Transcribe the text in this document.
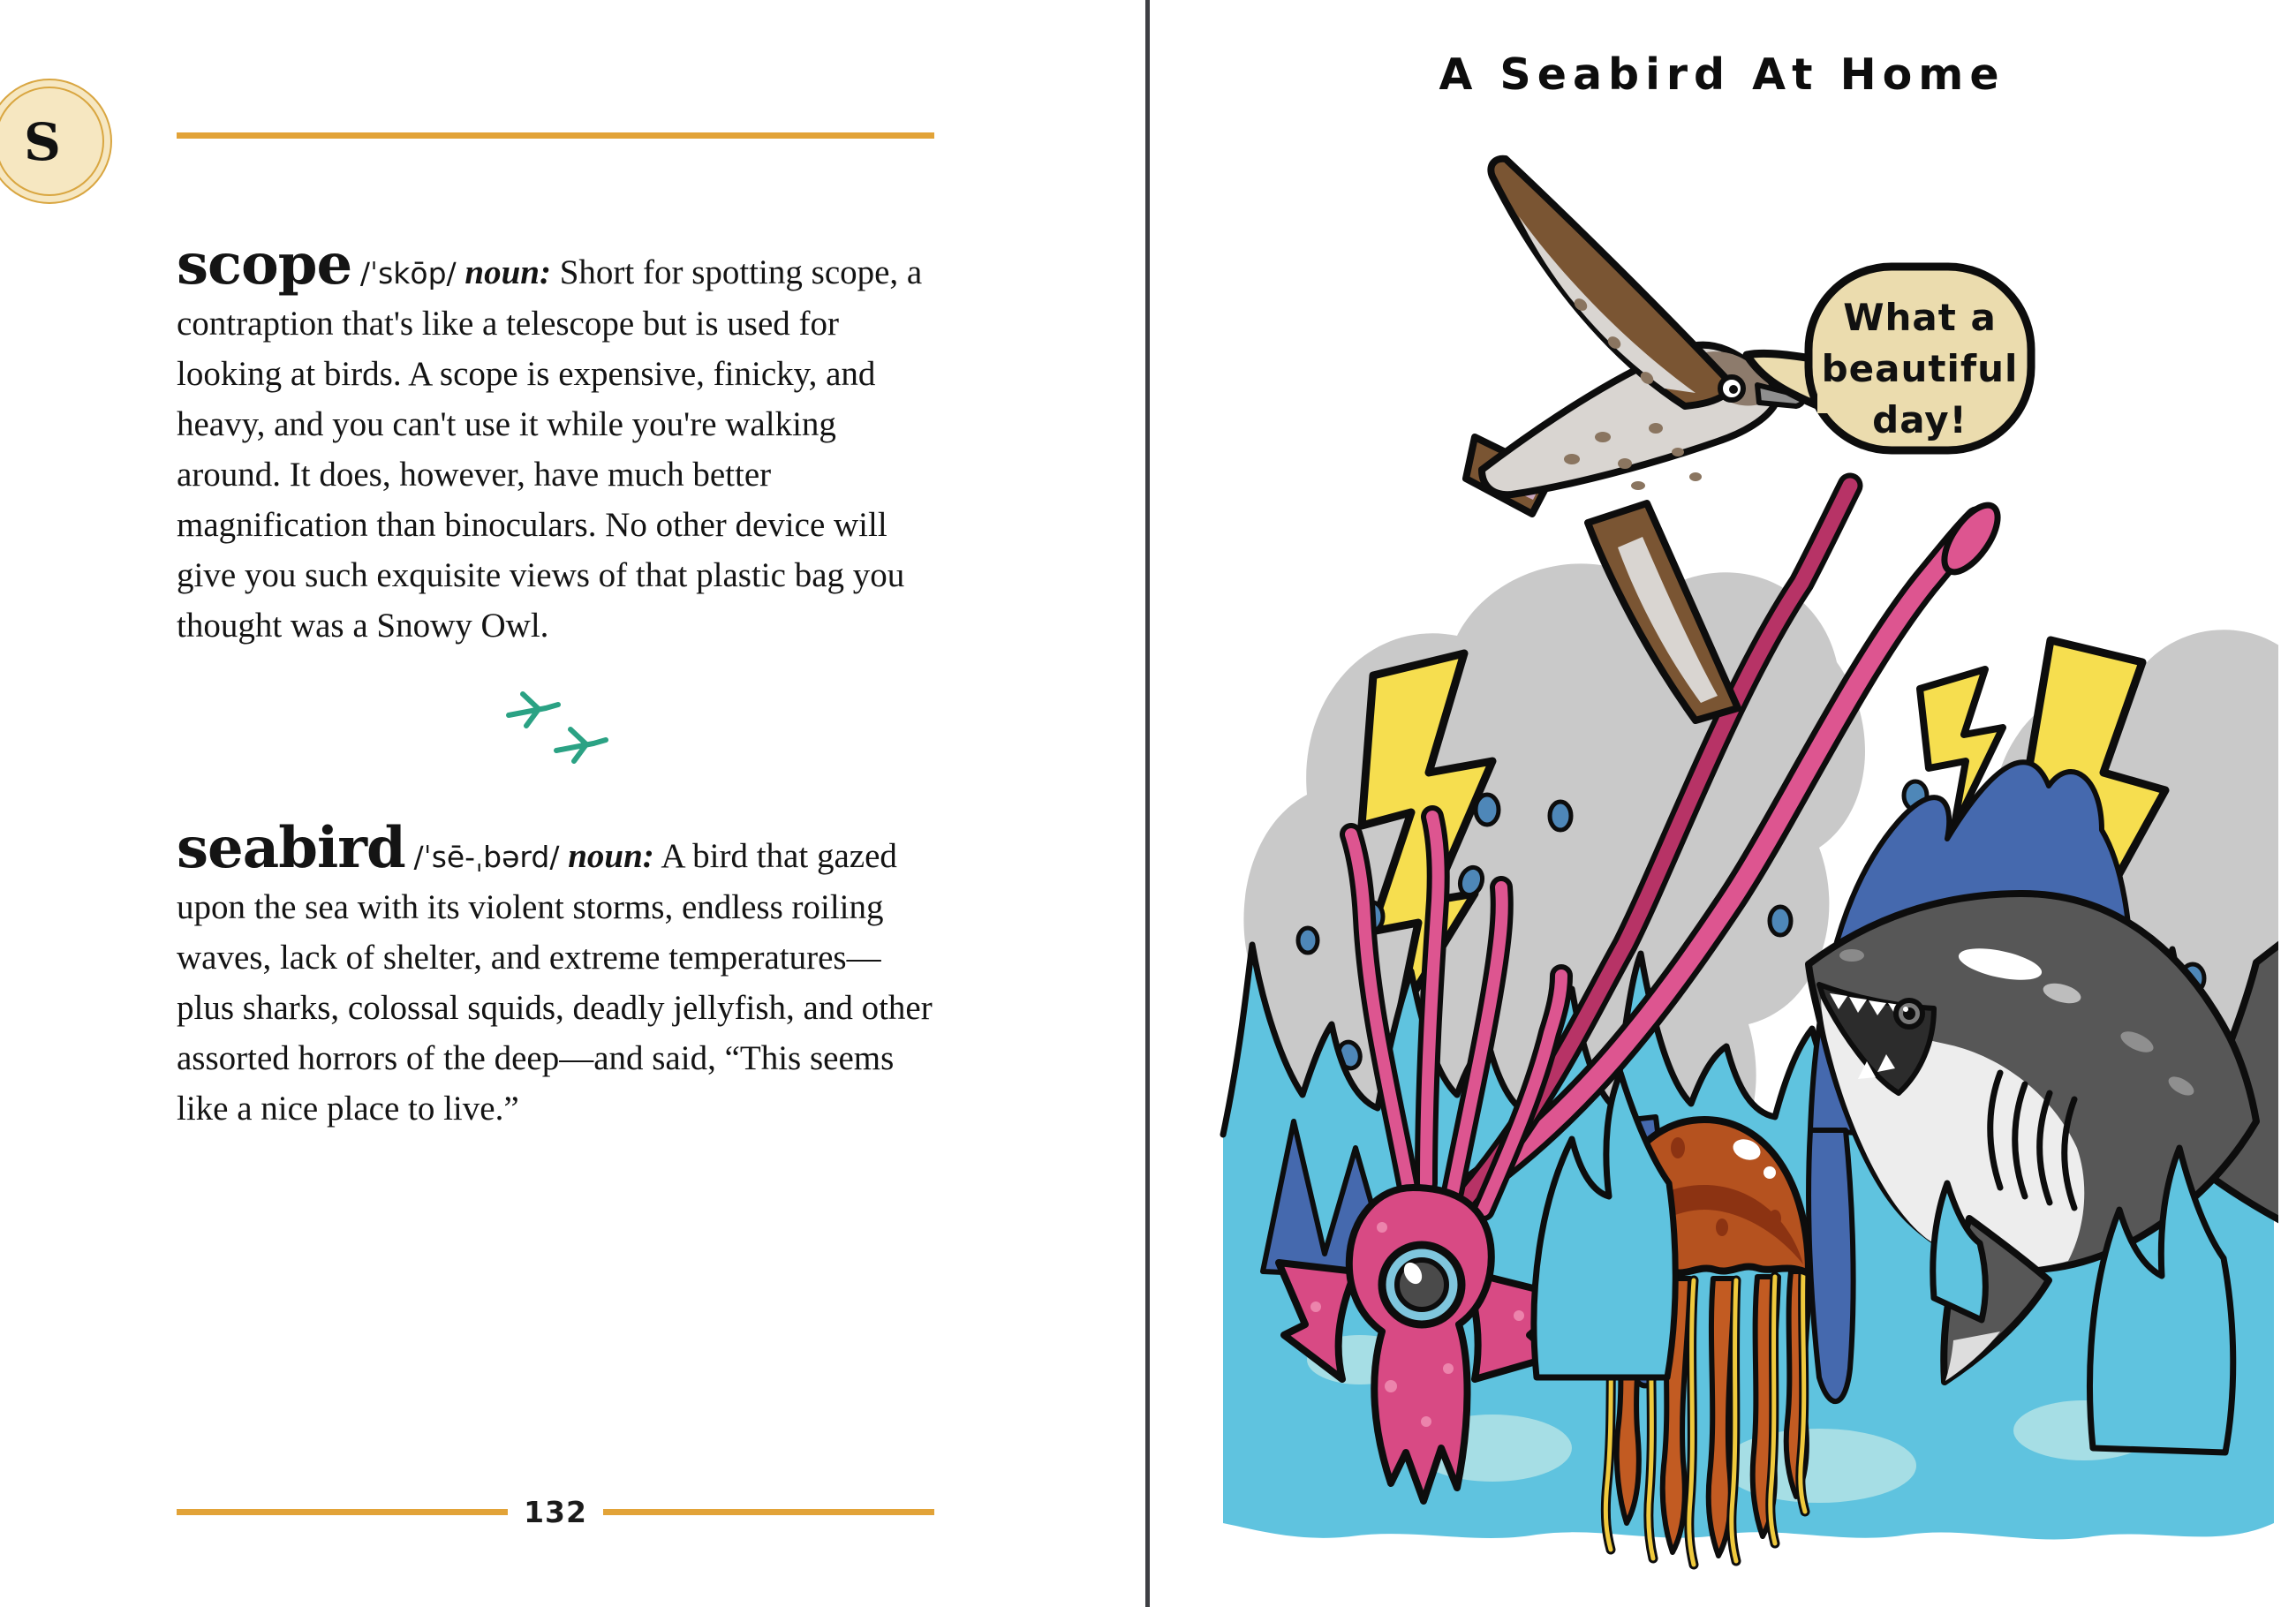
S

scope /ˈskōp/ noun: Short for spotting scope, a contraption that's like a telescope but is used for looking at birds. A scope is expensive, finicky, and heavy, and you can't use it while you're walking around. It does, however, have much better magnification than binoculars. No other device will give you such exquisite views of that plastic bag you thought was a Snowy Owl.

seabird /ˈsē-ˌbərd/ noun: A bird that gazed upon the sea with its violent storms, endless roiling waves, lack of shelter, and extreme temperatures—plus sharks, colossal squids, deadly jellyfish, and other assorted horrors of the deep—and said, “This seems like a nice place to live.”

132
A Seabird At Home
What a
beautiful
day!
